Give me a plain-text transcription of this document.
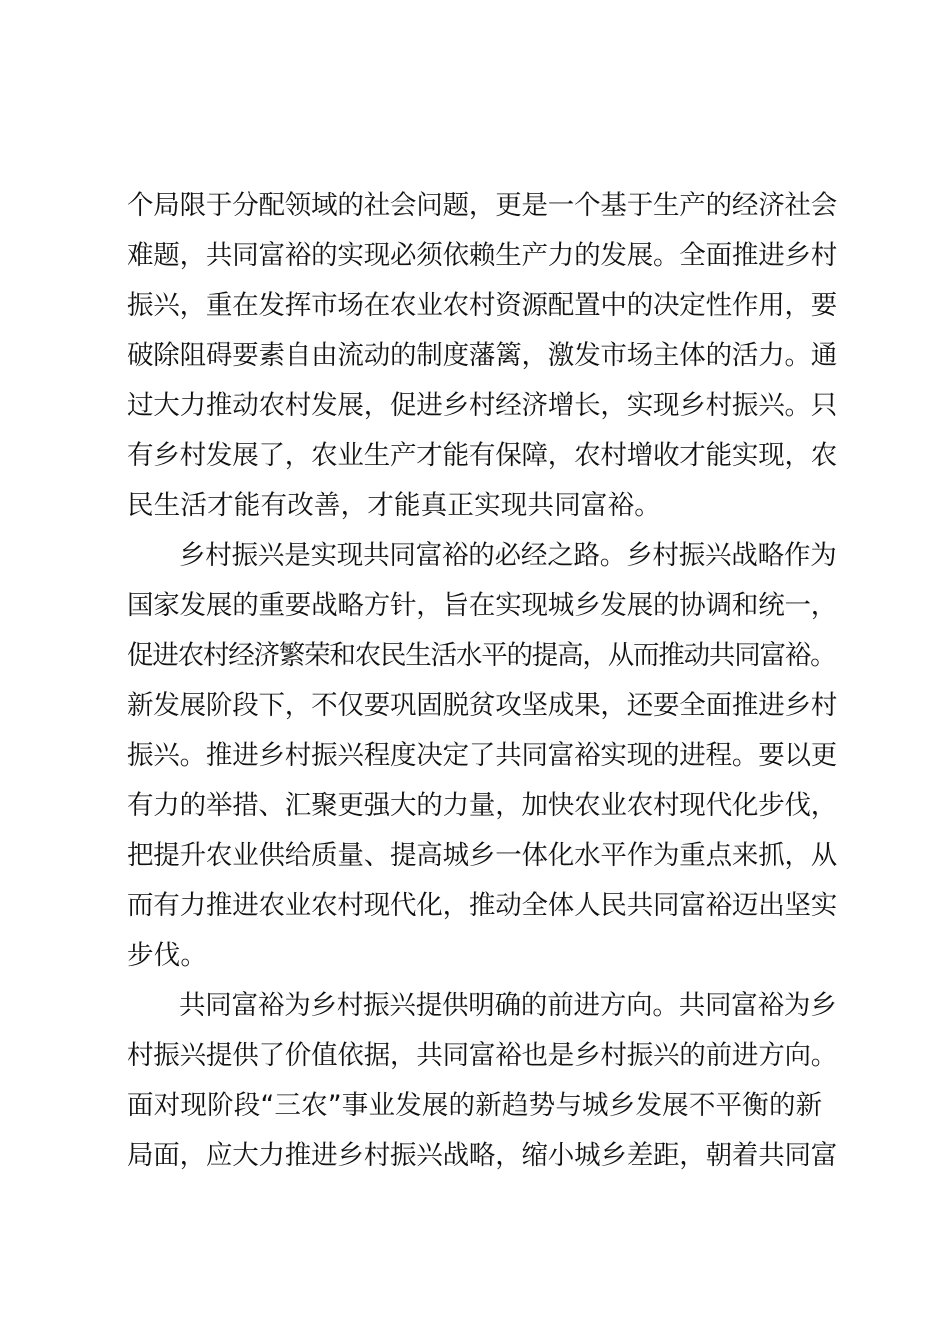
个局限于分配领域的社会问题，更是一个基于生产的经济社会
难题，共同富裕的实现必须依赖生产力的发展。全面推进乡村
振兴，重在发挥市场在农业农村资源配置中的决定性作用，要
破除阻碍要素自由流动的制度藩篱，激发市场主体的活力。通
过大力推动农村发展，促进乡村经济增长，实现乡村振兴。只
有乡村发展了，农业生产才能有保障，农村增收才能实现，农
民生活才能有改善，才能真正实现共同富裕。
乡村振兴是实现共同富裕的必经之路。乡村振兴战略作为
国家发展的重要战略方针，旨在实现城乡发展的协调和统一，
促进农村经济繁荣和农民生活水平的提高，从而推动共同富裕。
新发展阶段下，不仅要巩固脱贫攻坚成果，还要全面推进乡村
振兴。推进乡村振兴程度决定了共同富裕实现的进程。要以更
有力的举措、汇聚更强大的力量，加快农业农村现代化步伐，
把提升农业供给质量、提高城乡一体化水平作为重点来抓，从
而有力推进农业农村现代化，推动全体人民共同富裕迈出坚实
步伐。
共同富裕为乡村振兴提供明确的前进方向。共同富裕为乡
村振兴提供了价值依据，共同富裕也是乡村振兴的前进方向。
面对现阶段“三农”事业发展的新趋势与城乡发展不平衡的新
局面，应大力推进乡村振兴战略，缩小城乡差距，朝着共同富
